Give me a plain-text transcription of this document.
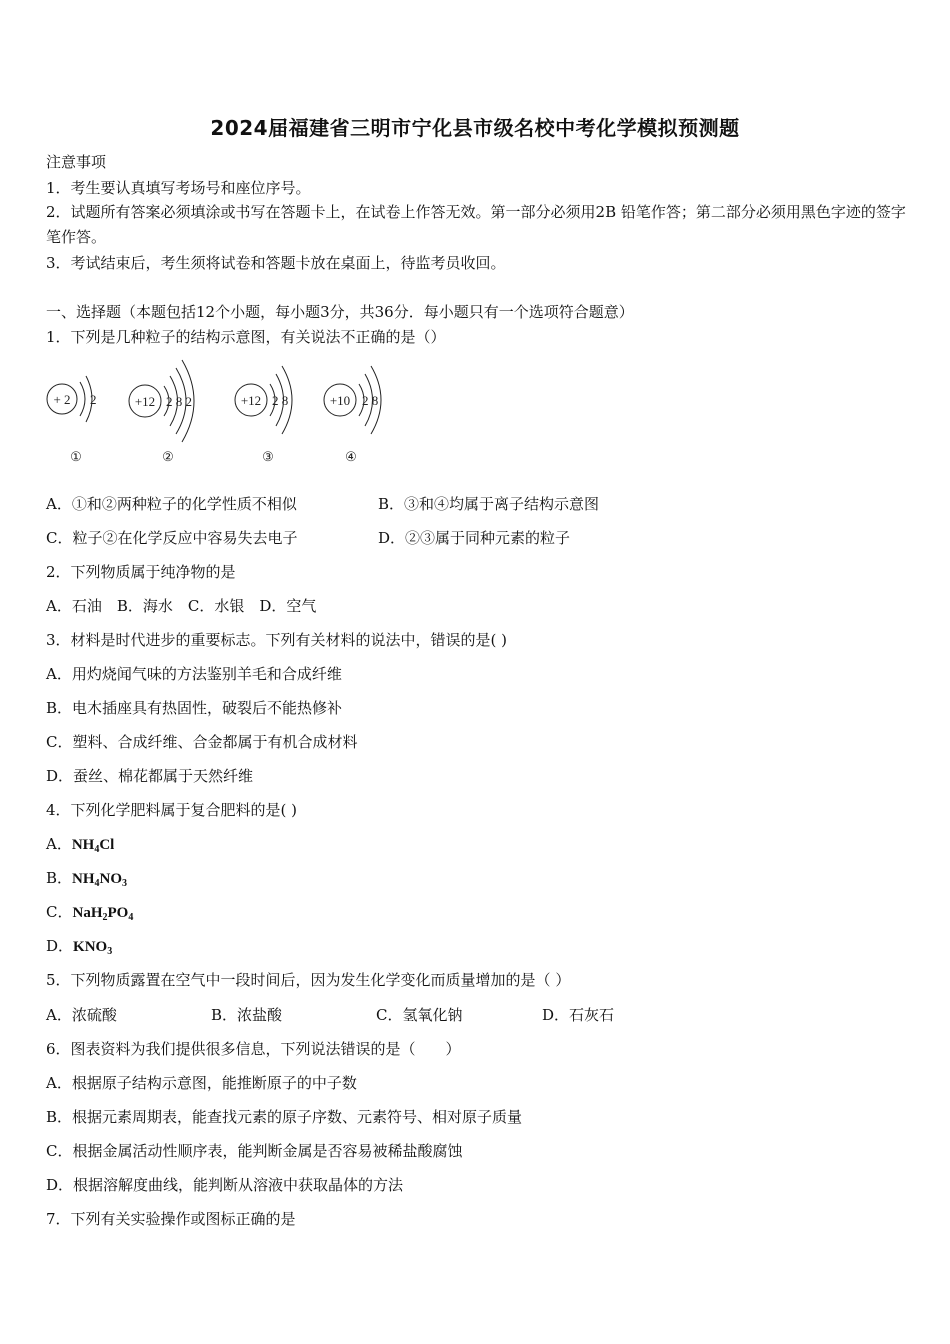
2024届福建省三明市宁化县市级名校中考化学模拟预测题
注意事项
1．考生要认真填写考场号和座位序号。
2．试题所有答案必须填涂或书写在答题卡上，在试卷上作答无效。第一部分必须用2B 铅笔作答；第二部分必须用黑色字迹的签字笔作答。
3．考试结束后，考生须将试卷和答题卡放在桌面上，待监考员收回。
一、选择题（本题包括12个小题，每小题3分，共36分．每小题只有一个选项符合题意）
1．下列是几种粒子的结构示意图，有关说法不正确的是（）
+ 2 2
①
+12 2 8 2
②
+12 2 8
③
+10 2 8
④
A．①和②两种粒子的化学性质不相似	B．③和④均属于离子结构示意图
C．粒子②在化学反应中容易失去电子	D．②③属于同种元素的粒子
2．下列物质属于纯净物的是
A．石油　B．海水　C．水银　D．空气
3．材料是时代进步的重要标志。下列有关材料的说法中，错误的是( )
A．用灼烧闻气味的方法鉴别羊毛和合成纤维
B．电木插座具有热固性，破裂后不能热修补
C．塑料、合成纤维、合金都属于有机合成材料
D．蚕丝、棉花都属于天然纤维
4．下列化学肥料属于复合肥料的是( )
A．$NH_4Cl$
B．$NH_4NO_3$
C．$NaH_2PO_4$
D．$KNO_3$
5．下列物质露置在空气中一段时间后，因为发生化学变化而质量增加的是（ ）
A．浓硫酸	B．浓盐酸	C．氢氧化钠	D．石灰石
6．图表资料为我们提供很多信息，下列说法错误的是（　　）
A．根据原子结构示意图，能推断原子的中子数
B．根据元素周期表，能查找元素的原子序数、元素符号、相对原子质量
C．根据金属活动性顺序表，能判断金属是否容易被稀盐酸腐蚀
D．根据溶解度曲线，能判断从溶液中获取晶体的方法
7．下列有关实验操作或图标正确的是
